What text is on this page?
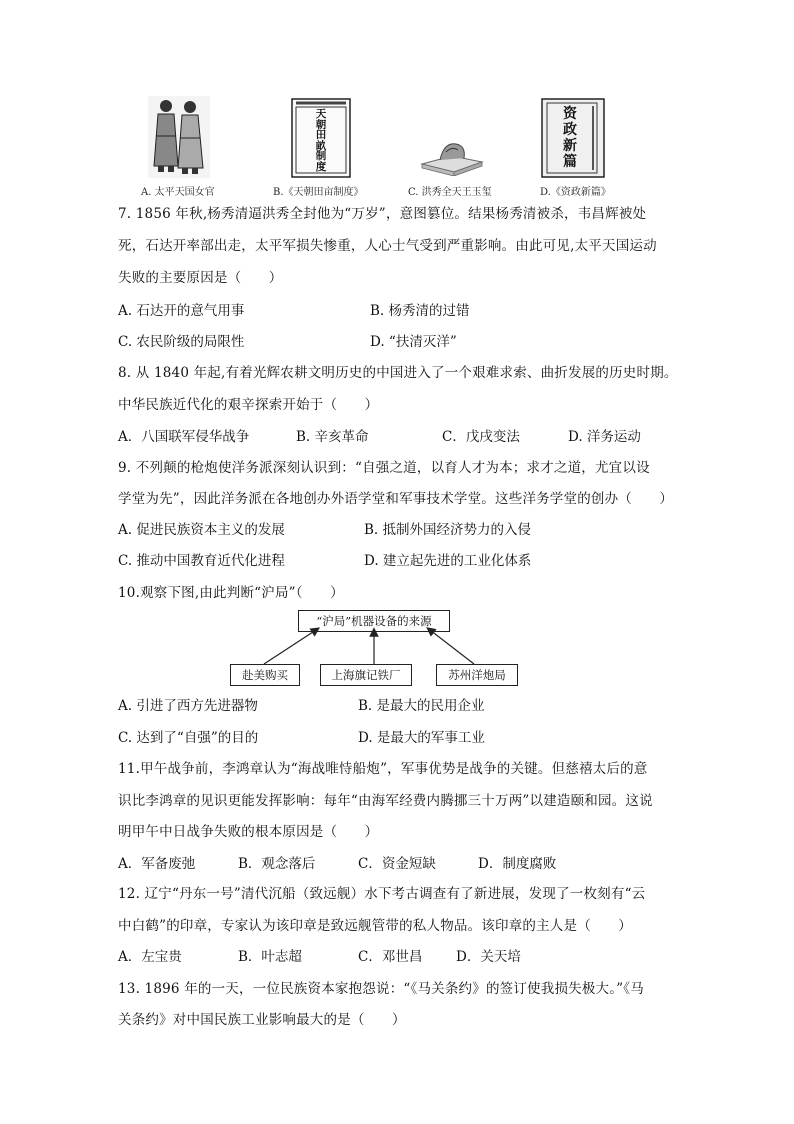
A. 太平天国女官
天
朝
田
畝
制
度
B.《天朝田亩制度》	C. 洪秀全天王玉玺
资
政
新
篇
D.《资政新篇》
7. 1856 年秋,杨秀清逼洪秀全封他为“万岁”，意图篡位。结果杨秀清被杀，韦昌辉被处
死，石达开率部出走，太平军损失惨重，人心士气受到严重影响。由此可见,太平天国运动
失败的主要原因是（　　）
A. 石达开的意气用事	B. 杨秀清的过错
C. 农民阶级的局限性	D. “扶清灭洋”
8. 从 1840 年起,有着光辉农耕文明历史的中国进入了一个艰难求索、曲折发展的历史时期。
中华民族近代化的艰辛探索开始于（　　）
A．八国联军侵华战争	B. 辛亥革命	C．戊戌变法	D. 洋务运动
9. 不列颠的枪炮使洋务派深刻认识到：“自强之道，以育人才为本；求才之道，尤宜以设
学堂为先”，因此洋务派在各地创办外语学堂和军事技术学堂。这些洋务学堂的创办（　　）
A. 促进民族资本主义的发展	B. 抵制外国经济势力的入侵
C. 推动中国教育近代化进程	D. 建立起先进的工业化体系
10.观察下图,由此判断“沪局”（　　）
“沪局”机器设备的来源
赴美购买	上海旗记铁厂	苏州洋炮局
A. 引进了西方先进器物	B. 是最大的民用企业
C. 达到了“自强”的目的	D. 是最大的军事工业
11.甲午战争前，李鸿章认为“海战唯恃船炮”，军事优势是战争的关键。但慈禧太后的意
识比李鸿章的见识更能发挥影响：每年“由海军经费内腾挪三十万两”以建造颐和园。这说
明甲午中日战争失败的根本原因是（　　）
A．军备废弛	B．观念落后	C．资金短缺	D．制度腐败
12. 辽宁“丹东一号”清代沉船（致远舰）水下考古调查有了新进展，发现了一枚刻有“云
中白鹤”的印章，专家认为该印章是致远舰管带的私人物品。该印章的主人是（　　）
A．左宝贵	B．叶志超	C．邓世昌 D．关天培
13. 1896 年的一天，一位民族资本家抱怨说：“《马关条约》的签订使我损失极大。”《马
关条约》对中国民族工业影响最大的是（　　）
